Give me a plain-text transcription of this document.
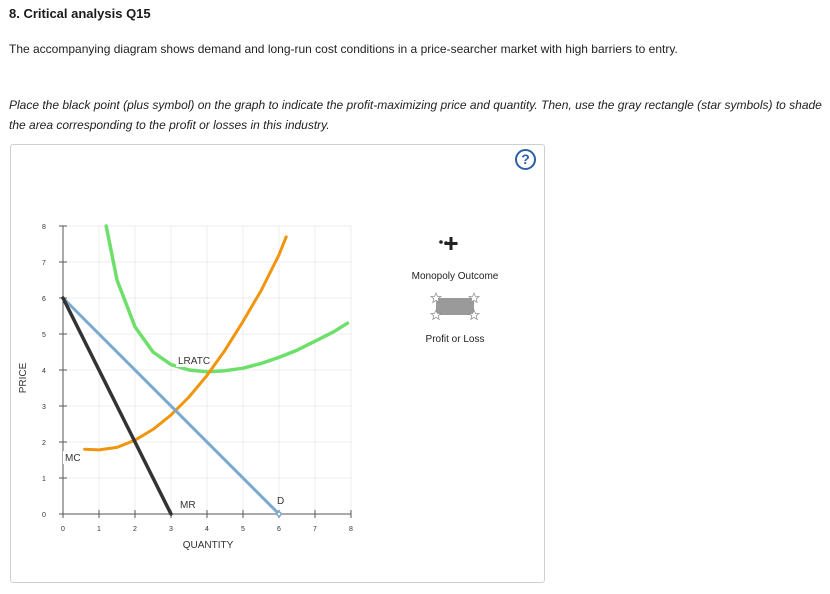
8. Critical analysis Q15
The accompanying diagram shows demand and long-run cost conditions in a price-searcher market with high barriers to entry.
Place the black point (plus symbol) on the graph to indicate the profit-maximizing price and quantity. Then, use the gray rectangle (star symbols) to shade the area corresponding to the profit or losses in this industry.
?
0	1	2	3	4	5	6	7	8
0
1
2
3
4
5
6
7
8
D
MR
MC
LRATC
PRICE
QUANTITY
Monopoly Outcome
Profit or Loss
